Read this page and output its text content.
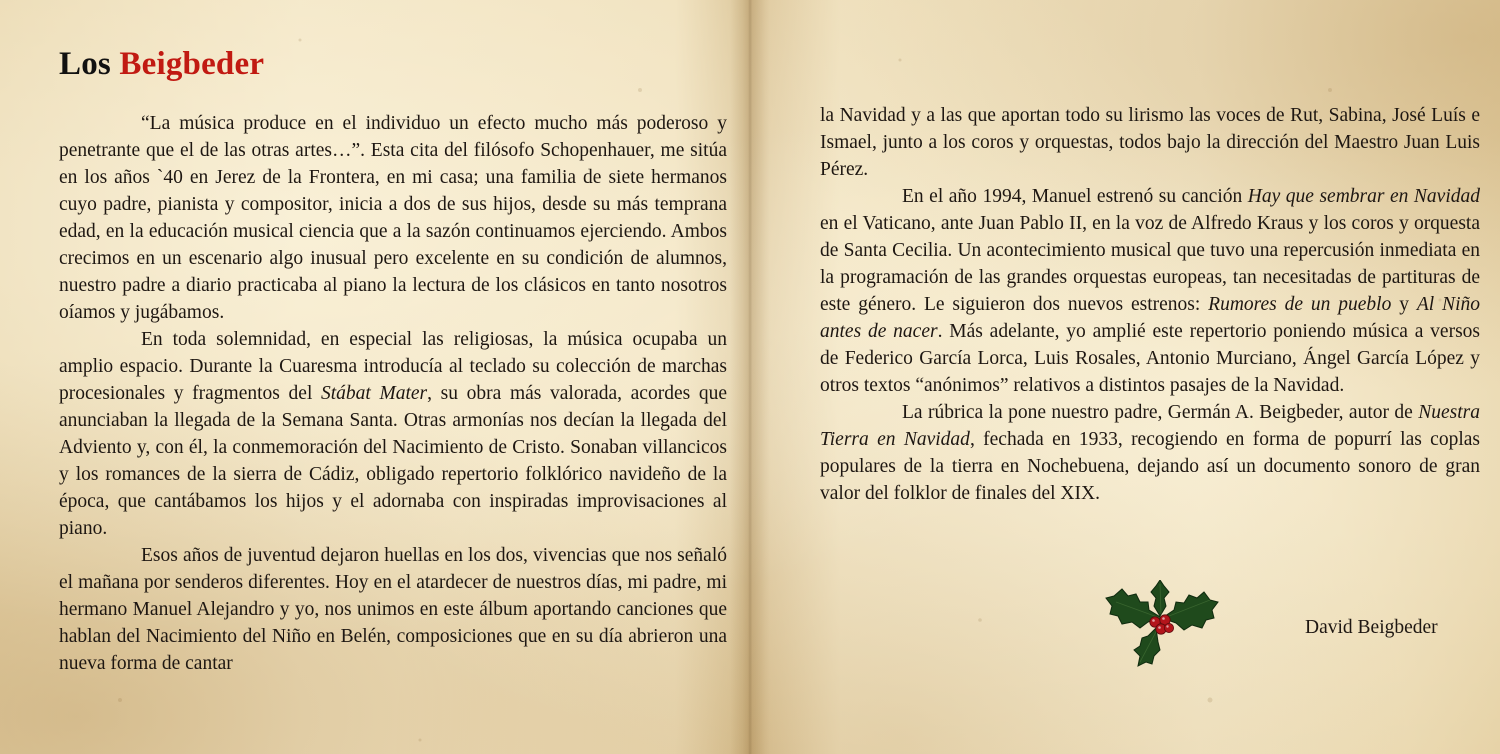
Los Beigbeder

“La música produce en el individuo un efecto mucho más poderoso y penetrante que el de las otras artes…”. Esta cita del filósofo Schopenhauer, me sitúa en los años `40 en Jerez de la Frontera, en mi casa; una familia de siete hermanos cuyo padre, pianista y compositor, inicia a dos de sus hijos, desde su más temprana edad, en la educación musical ciencia que a la sazón continuamos ejerciendo. Ambos crecimos en un escenario algo inusual pero excelente en su condición de alumnos, nuestro padre a diario practicaba al piano la lectura de los clásicos en tanto nosotros oíamos y jugábamos.

En toda solemnidad, en especial las religiosas, la música ocupaba un amplio espacio. Durante la Cuaresma introducía al teclado su colección de marchas procesionales y fragmentos del Stábat Mater, su obra más valorada, acordes que anunciaban la llegada de la Semana Santa. Otras armonías nos decían la llegada del Adviento y, con él, la conmemoración del Nacimiento de Cristo. Sonaban villancicos y los romances de la sierra de Cádiz, obligado repertorio folklórico navideño de la época, que cantábamos los hijos y el adornaba con inspiradas improvisaciones al piano.

Esos años de juventud dejaron huellas en los dos, vivencias que nos señaló el mañana por senderos diferentes. Hoy en el atardecer de nuestros días, mi padre, mi hermano Manuel Alejandro y yo, nos unimos en este álbum aportando canciones que hablan del Nacimiento del Niño en Belén, composiciones que en su día abrieron una nueva forma de cantar

la Navidad y a las que aportan todo su lirismo las voces de Rut, Sabina, José Luís e Ismael, junto a los coros y orquestas, todos bajo la dirección del Maestro Juan Luis Pérez.

En el año 1994, Manuel estrenó su canción Hay que sembrar en Navidad en el Vaticano, ante Juan Pablo II, en la voz de Alfredo Kraus y los coros y orquesta de Santa Cecilia. Un acontecimiento musical que tuvo una repercusión inmediata en la programación de las grandes orquestas europeas, tan necesitadas de partituras de este género. Le siguieron dos nuevos estrenos: Rumores de un pueblo y Al Niño antes de nacer. Más adelante, yo amplié este repertorio poniendo música a versos de Federico García Lorca, Luis Rosales, Antonio Murciano, Ángel García López y otros textos “anónimos” relativos a distintos pasajes de la Navidad.

La rúbrica la pone nuestro padre, Germán A. Beigbeder, autor de Nuestra Tierra en Navidad, fechada en 1933, recogiendo en forma de popurrí las coplas populares de la tierra en Nochebuena, dejando así un documento sonoro de gran valor del folklor de finales del XIX.

David Beigbeder
